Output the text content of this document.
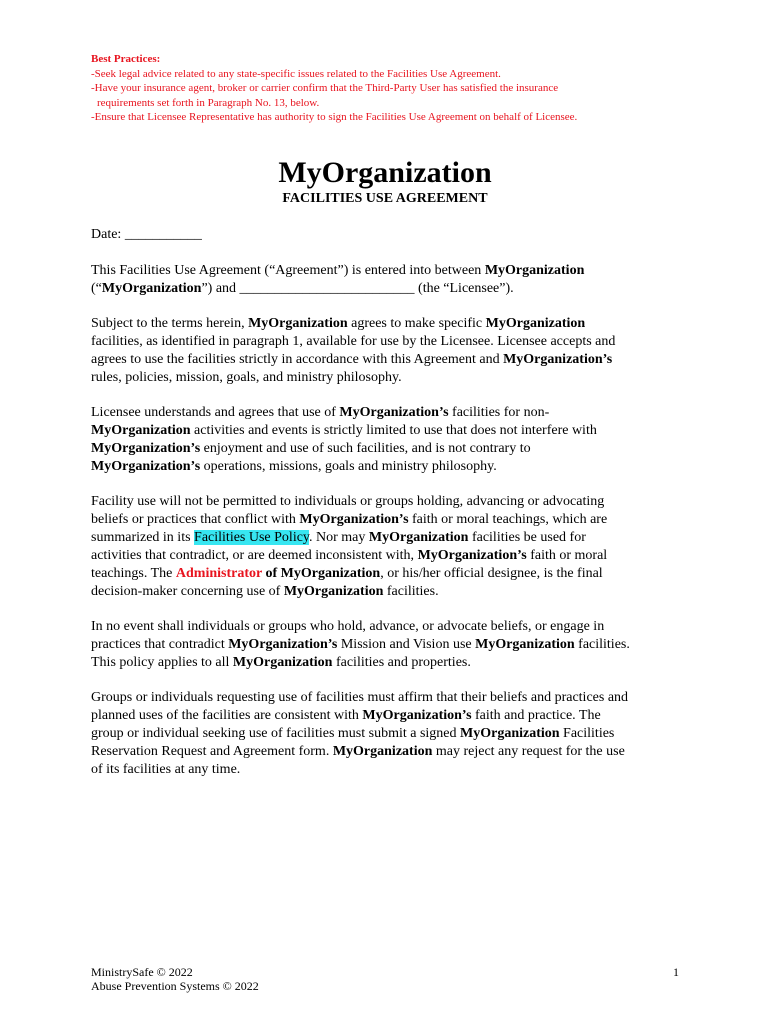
Best Practices:
-Seek legal advice related to any state-specific issues related to the Facilities Use Agreement.
-Have your insurance agent, broker or carrier confirm that the Third-Party User has satisfied the insurance
requirements set forth in Paragraph No. 13, below.
-Ensure that Licensee Representative has authority to sign the Facilities Use Agreement on behalf of Licensee.
MyOrganization
FACILITIES USE AGREEMENT
Date: ___________
This Facilities Use Agreement (“Agreement”) is entered into between MyOrganization
(“MyOrganization”) and _________________________ (the “Licensee”).
Subject to the terms herein, MyOrganization agrees to make specific MyOrganization
facilities, as identified in paragraph 1, available for use by the Licensee. Licensee accepts and
agrees to use the facilities strictly in accordance with this Agreement and MyOrganization’s
rules, policies, mission, goals, and ministry philosophy.
Licensee understands and agrees that use of MyOrganization’s facilities for non-
MyOrganization activities and events is strictly limited to use that does not interfere with
MyOrganization’s enjoyment and use of such facilities, and is not contrary to
MyOrganization’s operations, missions, goals and ministry philosophy.
Facility use will not be permitted to individuals or groups holding, advancing or advocating
beliefs or practices that conflict with MyOrganization’s faith or moral teachings, which are
summarized in its Facilities Use Policy. Nor may MyOrganization facilities be used for
activities that contradict, or are deemed inconsistent with, MyOrganization’s faith or moral
teachings. The Administrator of MyOrganization, or his/her official designee, is the final
decision-maker concerning use of MyOrganization facilities.
In no event shall individuals or groups who hold, advance, or advocate beliefs, or engage in
practices that contradict MyOrganization’s Mission and Vision use MyOrganization facilities.
This policy applies to all MyOrganization facilities and properties.
Groups or individuals requesting use of facilities must affirm that their beliefs and practices and
planned uses of the facilities are consistent with MyOrganization’s faith and practice. The
group or individual seeking use of facilities must submit a signed MyOrganization Facilities
Reservation Request and Agreement form. MyOrganization may reject any request for the use
of its facilities at any time.
MinistrySafe © 2022
Abuse Prevention Systems © 2022
1
